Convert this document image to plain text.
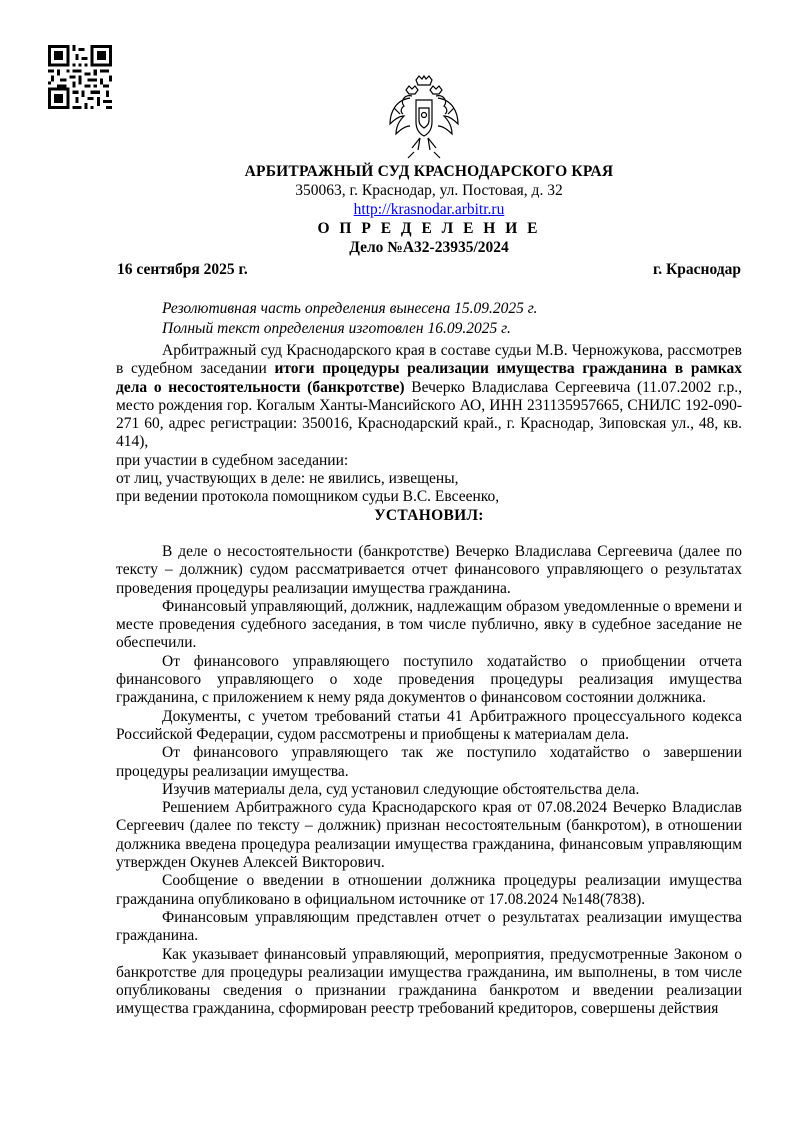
АРБИТРАЖНЫЙ СУД КРАСНОДАРСКОГО КРАЯ
350063, г. Краснодар, ул. Постовая, д. 32
http://krasnodar.arbitr.ru
О П Р Е Д Е Л Е Н И Е
Дело №А32-23935/2024
16 сентября 2025 г.	г. Краснодар
Резолютивная часть определения вынесена 15.09.2025 г.
Полный текст определения изготовлен 16.09.2025 г.

Арбитражный суд Краснодарского края в составе судьи М.В. Черножукова, рассмотрев в судебном заседании итоги процедуры реализации имущества гражданина в рамках дела о несостоятельности (банкротстве) Вечерко Владислава Сергеевича (11.07.2002 г.р., место рождения гор. Когалым Ханты-Мансийского АО, ИНН 231135957665, СНИЛС 192-090-271 60, адрес регистрации: 350016, Краснодарский край., г. Краснодар, Зиповская ул., 48, кв. 414),

при участии в судебном заседании:

от лиц, участвующих в деле: не явились, извещены,

при ведении протокола помощником судьи В.С. Евсеенко,

УСТАНОВИЛ:

В деле о несостоятельности (банкротстве) Вечерко Владислава Сергеевича (далее по тексту – должник) судом рассматривается отчет финансового управляющего о результатах проведения процедуры реализации имущества гражданина.

Финансовый управляющий, должник, надлежащим образом уведомленные о времени и месте проведения судебного заседания, в том числе публично, явку в судебное заседание не обеспечили.

От финансового управляющего поступило ходатайство о приобщении отчета финансового управляющего о ходе проведения процедуры реализация имущества гражданина, с приложением к нему ряда документов о финансовом состоянии должника.

Документы, с учетом требований статьи 41 Арбитражного процессуального кодекса Российской Федерации, судом рассмотрены и приобщены к материалам дела.

От финансового управляющего так же поступило ходатайство о завершении процедуры реализации имущества.

Изучив материалы дела, суд установил следующие обстоятельства дела.

Решением Арбитражного суда Краснодарского края от 07.08.2024 Вечерко Владислав Сергеевич (далее по тексту – должник) признан несостоятельным (банкротом), в отношении должника введена процедура реализации имущества гражданина, финансовым управляющим утвержден Окунев Алексей Викторович.

Сообщение о введении в отношении должника процедуры реализации имущества гражданина опубликовано в официальном источнике от 17.08.2024 №148(7838).

Финансовым управляющим представлен отчет о результатах реализации имущества гражданина.

Как указывает финансовый управляющий, мероприятия, предусмотренные Законом о банкротстве для процедуры реализации имущества гражданина, им выполнены, в том числе опубликованы сведения о признании гражданина банкротом и введении реализации имущества гражданина, сформирован реестр требований кредиторов, совершены действия
